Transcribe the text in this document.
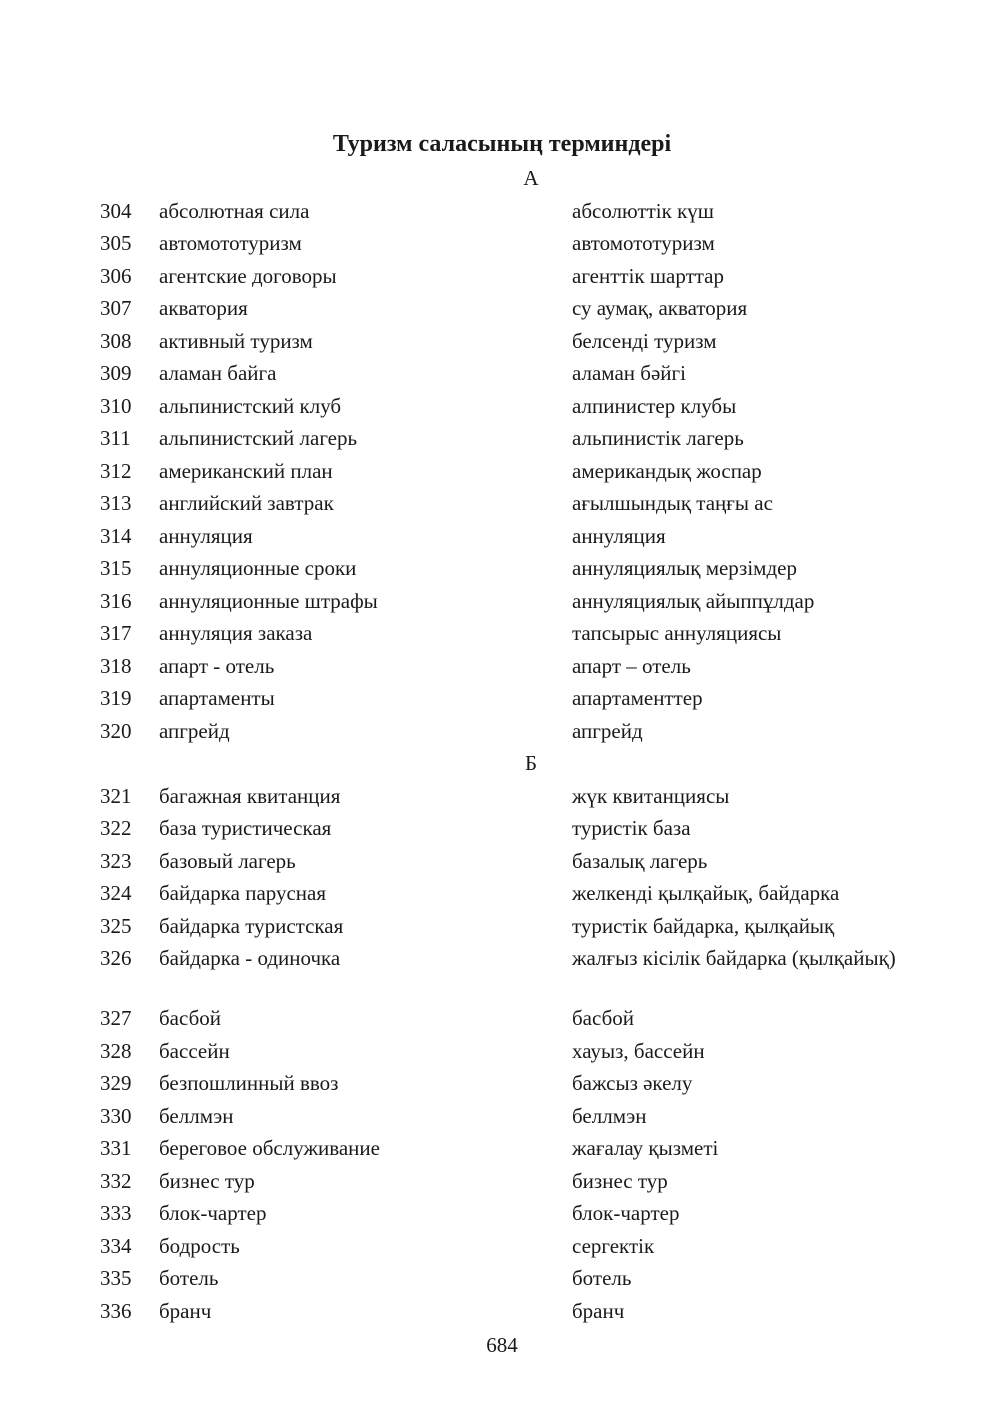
Туризм саласының терминдері
А
304	абсолютная сила	абсолюттік күш
305	автомототуризм	автомототуризм
306	агентские договоры	агенттік шарттар
307	акватория	су аумақ, акватория
308	активный туризм	белсенді туризм
309	аламан байга	аламан бәйгі
310	альпинистский клуб	алпинистер клубы
311	альпинистский лагерь	альпинистік лагерь
312	американский план	американдық жоспар
313	английский завтрак	ағылшындық таңғы ас
314	аннуляция	аннуляция
315	аннуляционные сроки	аннуляциялық мерзімдер
316	аннуляционные штрафы	аннуляциялық айыппұлдар
317	аннуляция заказа	тапсырыс аннуляциясы
318	апарт - отель	апарт – отель
319	апартаменты	апартаменттер
320	апгрейд	апгрейд
Б
321	багажная квитанция	жүк квитанциясы
322	база туристическая	туристік база
323	базовый лагерь	базалық лагерь
324	байдарка парусная	желкенді қылқайық, байдарка
325	байдарка туристская	туристік байдарка, қылқайық
326	байдарка - одиночка	жалғыз кісілік байдарка (қылқайық)
327	басбой	басбой
328	бассейн	хауыз, бассейн
329	безпошлинный ввоз	бажсыз әкелу
330	беллмэн	беллмэн
331	береговое обслуживание	жағалау қызметі
332	бизнес тур	бизнес тур
333	блок-чартер	блок-чартер
334	бодрость	сергектік
335	ботель	ботель
336	бранч	бранч
684
